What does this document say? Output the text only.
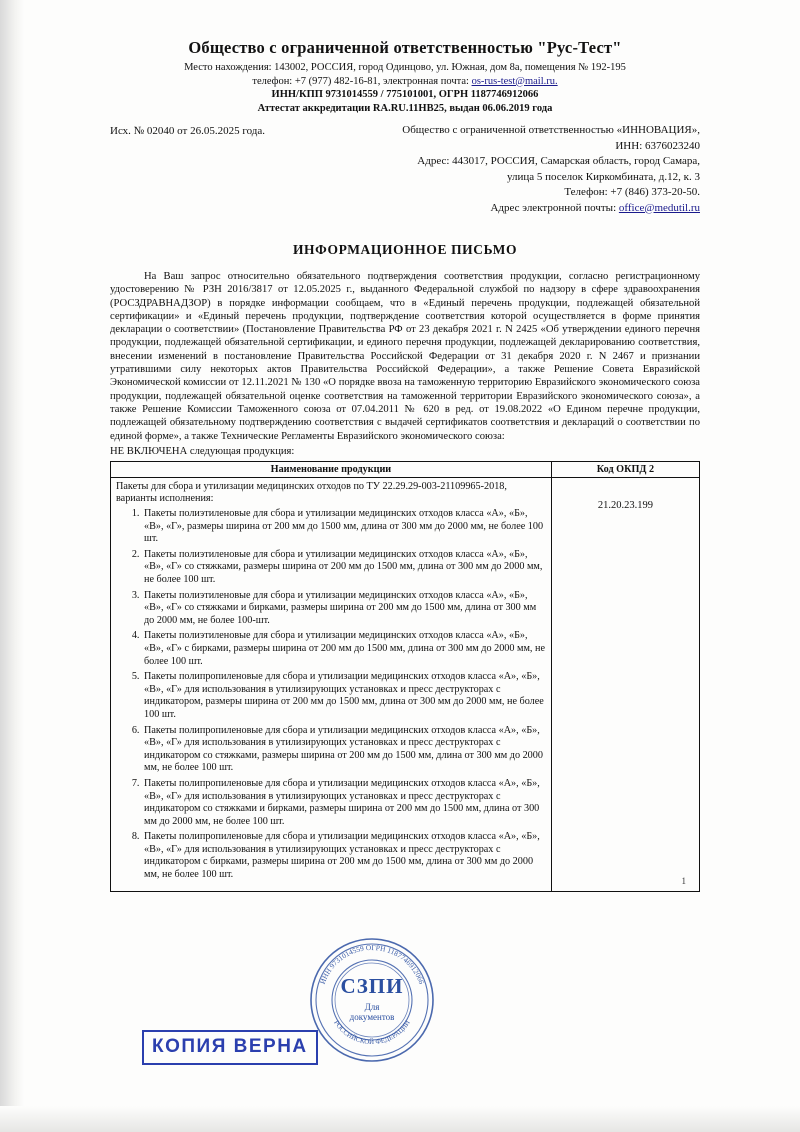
Общество с ограниченной ответственностью "Рус-Тест"
Место нахождения: 143002, РОССИЯ, город Одинцово, ул. Южная, дом 8а, помещения № 192-195
телефон: +7 (977) 482-16-81, электронная почта: os-rus-test@mail.ru.
ИНН/КПП 9731014559 / 775101001, ОГРН 1187746912066
Аттестат аккредитации RA.RU.11НВ25, выдан 06.06.2019 года
Исх. № 02040 от 26.05.2025 года.	Общество с ограниченной ответственностью «ИННОВАЦИЯ»,
ИНН: 6376023240
Адрес: 443017, РОССИЯ, Самарская область, город Самара,
улица 5 поселок Киркомбината, д.12, к. 3
Телефон: +7 (846) 373-20-50.
Адрес электронной почты: office@medutil.ru
ИНФОРМАЦИОННОЕ ПИСЬМО

На Ваш запрос относительно обязательного подтверждения соответствия продукции, согласно регистрационному удостоверению № РЗН 2016/3817 от 12.05.2025 г., выданного Федеральной службой по надзору в сфере здравоохранения (РОСЗДРАВНАДЗОР) в порядке информации сообщаем, что в «Единый перечень продукции, подлежащей обязательной сертификации» и «Единый перечень продукции, подтверждение соответствия которой осуществляется в форме принятия декларации о соответствии» (Постановление Правительства РФ от 23 декабря 2021 г. N 2425 «Об утверждении единого перечня продукции, подлежащей обязательной сертификации, и единого перечня продукции, подлежащей декларированию соответствия, внесении изменений в постановление Правительства Российской Федерации от 31 декабря 2020 г. N 2467 и признании утратившими силу некоторых актов Правительства Российской Федерации», а также Решение Совета Евразийской Экономической комиссии от 12.11.2021 № 130 «О порядке ввоза на таможенную территорию Евразийского экономического союза продукции, подлежащей обязательной оценке соответствия на таможенной территории Евразийского экономического союза», а также Решение Комиссии Таможенного союза от 07.04.2011 № 620 в ред. от 19.08.2022 «О Едином перечне продукции, подлежащей обязательному подтверждению соответствия с выдачей сертификатов соответствия и деклараций о соответствии по единой форме», а также Технические Регламенты Евразийского экономического союза:

НЕ ВКЛЮЧЕНА следующая продукция:
Наименование продукции	Код ОКПД 2

Пакеты для сбора и утилизации медицинских отходов по ТУ 22.29.29-003-21109965-2018, варианты исполнения:
1. Пакеты полиэтиленовые для сбора и утилизации медицинских отходов класса «А», «Б», «В», «Г», размеры ширина от 200 мм до 1500 мм, длина от 300 мм до 2000 мм, не более 100 шт.
2. Пакеты полиэтиленовые для сбора и утилизации медицинских отходов класса «А», «Б», «В», «Г» со стяжками, размеры ширина от 200 мм до 1500 мм, длина от 300 мм до 2000 мм, не более 100 шт.
3. Пакеты полиэтиленовые для сбора и утилизации медицинских отходов класса «А», «Б», «В», «Г» со стяжками и бирками, размеры ширина от 200 мм до 1500 мм, длина от 300 мм до 2000 мм, не более 100-шт.
4. Пакеты полиэтиленовые для сбора и утилизации медицинских отходов класса «А», «Б», «В», «Г» с бирками, размеры ширина от 200 мм до 1500 мм, длина от 300 мм до 2000 мм, не более 100 шт.
5. Пакеты полипропиленовые для сбора и утилизации медицинских отходов класса «А», «Б», «В», «Г» для использования в утилизирующих установках и пресс деструкторах с индикатором, размеры ширина от 200 мм до 1500 мм, длина от 300 мм до 2000 мм, не более 100 шт.
6. Пакеты полипропиленовые для сбора и утилизации медицинских отходов класса «А», «Б», «В», «Г» для использования в утилизирующих установках и пресс деструкторах с индикатором со стяжками, размеры ширина от 200 мм до 1500 мм, длина от 300 мм до 2000 мм, не более 100 шт.
7. Пакеты полипропиленовые для сбора и утилизации медицинских отходов класса «А», «Б», «В», «Г» для использования в утилизирующих установках и пресс деструкторах с индикатором со стяжками и бирками, размеры ширина от 200 мм до 1500 мм, длина от 300 мм до 2000 мм, не более 100 шт.
8. Пакеты полипропиленовые для сбора и утилизации медицинских отходов класса «А», «Б», «В», «Г» для использования в утилизирующих установках и пресс деструкторах с индикатором с бирками, размеры ширина от 200 мм до 1500 мм, длина от 300 мм до 2000 мм, не более 100 шт.
	21.20.23.199
1
ИНН 9731014559 ОГРН 1187746912066
РОССИЙСКОЙ ФЕДЕРАЦИИ
СЗПИ
Для
документов
КОПИЯ ВЕРНА
